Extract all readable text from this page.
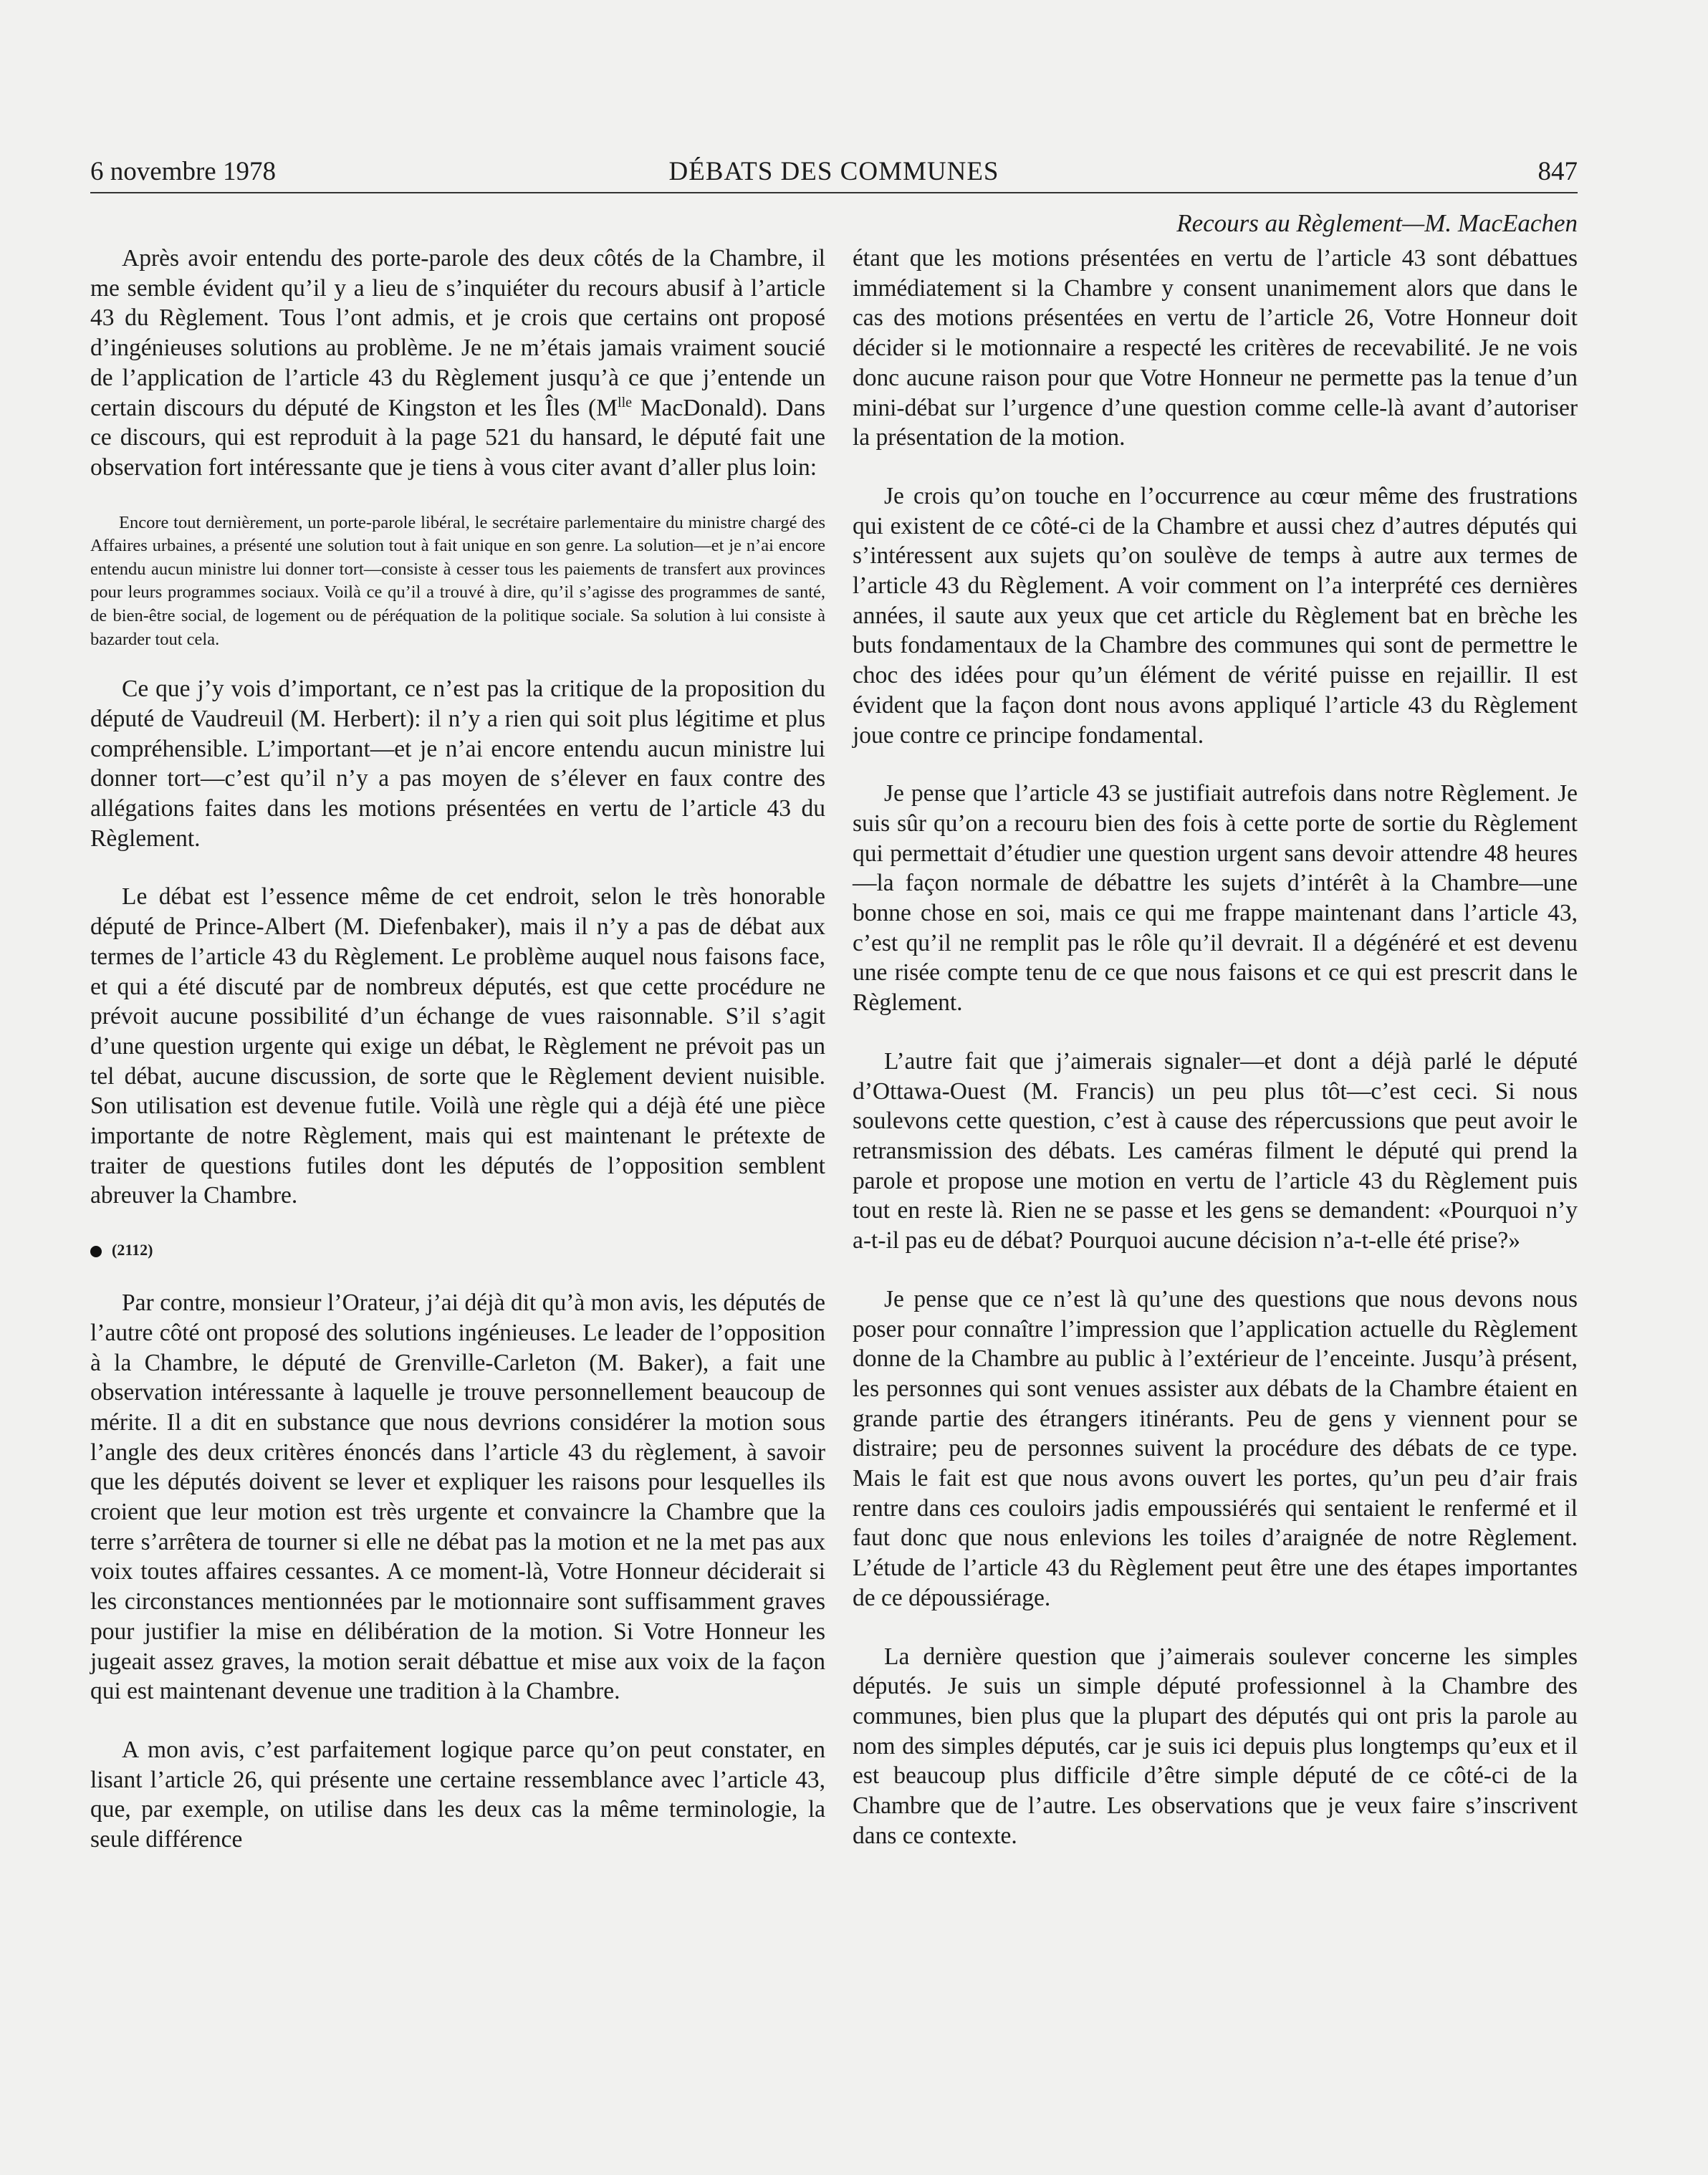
6 novembre 1978	DÉBATS DES COMMUNES	847
Recours au Règlement—M. MacEachen

Après avoir entendu des porte-parole des deux côtés de la Chambre, il me semble évident qu’il y a lieu de s’inquiéter du recours abusif à l’article 43 du Règlement. Tous l’ont admis, et je crois que certains ont proposé d’ingénieuses solutions au problème. Je ne m’étais jamais vraiment soucié de l’application de l’article 43 du Règlement jusqu’à ce que j’entende un certain discours du député de Kingston et les Îles ($M^{lle}$ MacDonald). Dans ce discours, qui est reproduit à la page 521 du hansard, le député fait une observation fort intéressante que je tiens à vous citer avant d’aller plus loin:

Encore tout dernièrement, un porte-parole libéral, le secrétaire parlementaire du ministre chargé des Affaires urbaines, a présenté une solution tout à fait unique en son genre. La solution—et je n’ai encore entendu aucun ministre lui donner tort—consiste à cesser tous les paiements de transfert aux provinces pour leurs programmes sociaux. Voilà ce qu’il a trouvé à dire, qu’il s’agisse des programmes de santé, de bien-être social, de logement ou de péréquation de la politique sociale. Sa solution à lui consiste à bazarder tout cela.

Ce que j’y vois d’important, ce n’est pas la critique de la proposition du député de Vaudreuil (M. Herbert): il n’y a rien qui soit plus légitime et plus compréhensible. L’important—et je n’ai encore entendu aucun ministre lui donner tort—c’est qu’il n’y a pas moyen de s’élever en faux contre des allégations faites dans les motions présentées en vertu de l’article 43 du Règlement.

Le débat est l’essence même de cet endroit, selon le très honorable député de Prince-Albert (M. Diefenbaker), mais il n’y a pas de débat aux termes de l’article 43 du Règlement. Le problème auquel nous faisons face, et qui a été discuté par de nombreux députés, est que cette procédure ne prévoit aucune possibilité d’un échange de vues raisonnable. S’il s’agit d’une question urgente qui exige un débat, le Règlement ne prévoit pas un tel débat, aucune discussion, de sorte que le Règlement devient nuisible. Son utilisation est devenue futile. Voilà une règle qui a déjà été une pièce importante de notre Règlement, mais qui est maintenant le prétexte de traiter de questions futiles dont les députés de l’opposition semblent abreuver la Chambre.

(2112)

Par contre, monsieur l’Orateur, j’ai déjà dit qu’à mon avis, les députés de l’autre côté ont proposé des solutions ingénieuses. Le leader de l’opposition à la Chambre, le député de Grenville-Carleton (M. Baker), a fait une observation intéressante à laquelle je trouve personnellement beaucoup de mérite. Il a dit en substance que nous devrions considérer la motion sous l’angle des deux critères énoncés dans l’article 43 du règlement, à savoir que les députés doivent se lever et expliquer les raisons pour lesquelles ils croient que leur motion est très urgente et convaincre la Chambre que la terre s’arrêtera de tourner si elle ne débat pas la motion et ne la met pas aux voix toutes affaires cessantes. A ce moment-là, Votre Honneur déciderait si les circonstances mentionnées par le motionnaire sont suffisamment graves pour justifier la mise en délibération de la motion. Si Votre Honneur les jugeait assez graves, la motion serait débattue et mise aux voix de la façon qui est maintenant devenue une tradition à la Chambre.

A mon avis, c’est parfaitement logique parce qu’on peut constater, en lisant l’article 26, qui présente une certaine ressemblance avec l’article 43, que, par exemple, on utilise dans les deux cas la même terminologie, la seule différence

étant que les motions présentées en vertu de l’article 43 sont débattues immédiatement si la Chambre y consent unanimement alors que dans le cas des motions présentées en vertu de l’article 26, Votre Honneur doit décider si le motionnaire a respecté les critères de recevabilité. Je ne vois donc aucune raison pour que Votre Honneur ne permette pas la tenue d’un mini-débat sur l’urgence d’une question comme celle-là avant d’autoriser la présentation de la motion.

Je crois qu’on touche en l’occurrence au cœur même des frustrations qui existent de ce côté-ci de la Chambre et aussi chez d’autres députés qui s’intéressent aux sujets qu’on soulève de temps à autre aux termes de l’article 43 du Règlement. A voir comment on l’a interprété ces dernières années, il saute aux yeux que cet article du Règlement bat en brèche les buts fondamentaux de la Chambre des communes qui sont de permettre le choc des idées pour qu’un élément de vérité puisse en rejaillir. Il est évident que la façon dont nous avons appliqué l’article 43 du Règlement joue contre ce principe fondamental.

Je pense que l’article 43 se justifiait autrefois dans notre Règlement. Je suis sûr qu’on a recouru bien des fois à cette porte de sortie du Règlement qui permettait d’étudier une question urgent sans devoir attendre 48 heures—la façon normale de débattre les sujets d’intérêt à la Chambre—une bonne chose en soi, mais ce qui me frappe maintenant dans l’article 43, c’est qu’il ne remplit pas le rôle qu’il devrait. Il a dégénéré et est devenu une risée compte tenu de ce que nous faisons et ce qui est prescrit dans le Règlement.

L’autre fait que j’aimerais signaler—et dont a déjà parlé le député d’Ottawa-Ouest (M. Francis) un peu plus tôt—c’est ceci. Si nous soulevons cette question, c’est à cause des répercussions que peut avoir le retransmission des débats. Les caméras filment le député qui prend la parole et propose une motion en vertu de l’article 43 du Règlement puis tout en reste là. Rien ne se passe et les gens se demandent: «Pourquoi n’y a-t-il pas eu de débat? Pourquoi aucune décision n’a-t-elle été prise?»

Je pense que ce n’est là qu’une des questions que nous devons nous poser pour connaître l’impression que l’application actuelle du Règlement donne de la Chambre au public à l’extérieur de l’enceinte. Jusqu’à présent, les personnes qui sont venues assister aux débats de la Chambre étaient en grande partie des étrangers itinérants. Peu de gens y viennent pour se distraire; peu de personnes suivent la procédure des débats de ce type. Mais le fait est que nous avons ouvert les portes, qu’un peu d’air frais rentre dans ces couloirs jadis empoussiérés qui sentaient le renfermé et il faut donc que nous enlevions les toiles d’araignée de notre Règlement. L’étude de l’article 43 du Règlement peut être une des étapes importantes de ce dépoussiérage.

La dernière question que j’aimerais soulever concerne les simples députés. Je suis un simple député professionnel à la Chambre des communes, bien plus que la plupart des députés qui ont pris la parole au nom des simples députés, car je suis ici depuis plus longtemps qu’eux et il est beaucoup plus difficile d’être simple député de ce côté-ci de la Chambre que de l’autre. Les observations que je veux faire s’inscrivent dans ce contexte.
